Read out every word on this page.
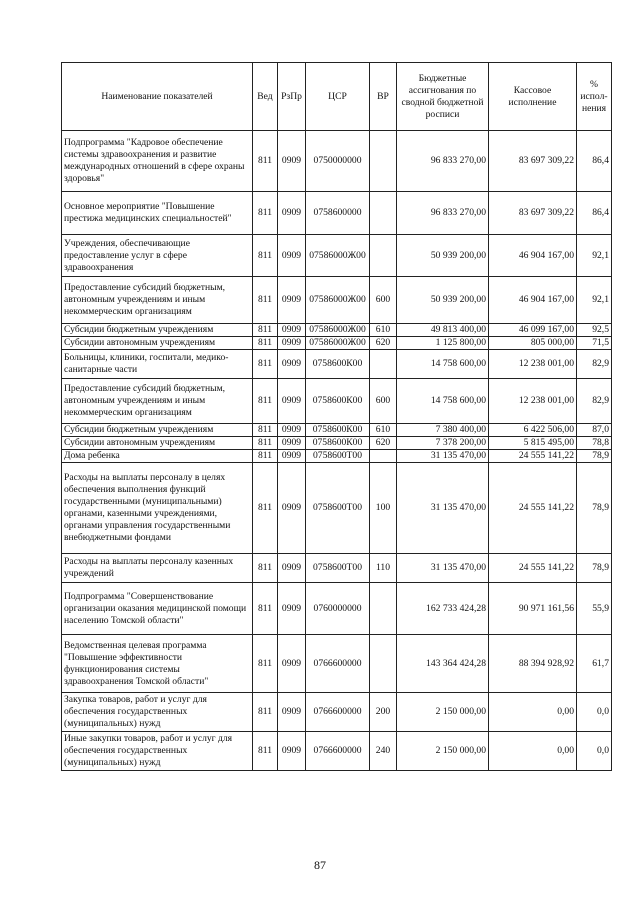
Наименование показателей	Вед	РзПр	ЦСР	ВР	Бюджетные ассигнования по сводной бюджетной росписи	Кассовое исполнение	% испол-нения
Подпрограмма "Кадровое обеспечение системы здравоохранения и развитие международных отношений в сфере охраны здоровья"	811	0909	0750000000		96 833 270,00	83 697 309,22	86,4
Основное мероприятие "Повышение престижа медицинских специальностей"	811	0909	0758600000		96 833 270,00	83 697 309,22	86,4
Учреждения, обеспечивающие предоставление услуг в сфере здравоохранения	811	0909	07586000Ж00		50 939 200,00	46 904 167,00	92,1
Предоставление субсидий бюджетным, автономным учреждениям и иным некоммерческим организациям	811	0909	07586000Ж00	600	50 939 200,00	46 904 167,00	92,1
Субсидии бюджетным учреждениям	811	0909	07586000Ж00	610	49 813 400,00	46 099 167,00	92,5
Субсидии автономным учреждениям	811	0909	07586000Ж00	620	1 125 800,00	805 000,00	71,5
Больницы, клиники, госпитали, медико-санитарные части	811	0909	0758600К00		14 758 600,00	12 238 001,00	82,9
Предоставление субсидий бюджетным, автономным учреждениям и иным некоммерческим организациям	811	0909	0758600К00	600	14 758 600,00	12 238 001,00	82,9
Субсидии бюджетным учреждениям	811	0909	0758600К00	610	7 380 400,00	6 422 506,00	87,0
Субсидии автономным учреждениям	811	0909	0758600К00	620	7 378 200,00	5 815 495,00	78,8
Дома ребенка	811	0909	0758600Т00		31 135 470,00	24 555 141,22	78,9
Расходы на выплаты персоналу в целях обеспечения выполнения функций государственными (муниципальными) органами, казенными учреждениями, органами управления государственными внебюджетными фондами	811	0909	0758600Т00	100	31 135 470,00	24 555 141,22	78,9
Расходы на выплаты персоналу казенных учреждений	811	0909	0758600Т00	110	31 135 470,00	24 555 141,22	78,9
Подпрограмма "Совершенствование организации оказания медицинской помощи населению Томской области"	811	0909	0760000000		162 733 424,28	90 971 161,56	55,9
Ведомственная целевая программа "Повышение эффективности функционирования системы здравоохранения Томской области"	811	0909	0766600000		143 364 424,28	88 394 928,92	61,7
Закупка товаров, работ и услуг для обеспечения государственных (муниципальных) нужд	811	0909	0766600000	200	2 150 000,00	0,00	0,0
Иные закупки товаров, работ и услуг для обеспечения государственных (муниципальных) нужд	811	0909	0766600000	240	2 150 000,00	0,00	0,0
87
